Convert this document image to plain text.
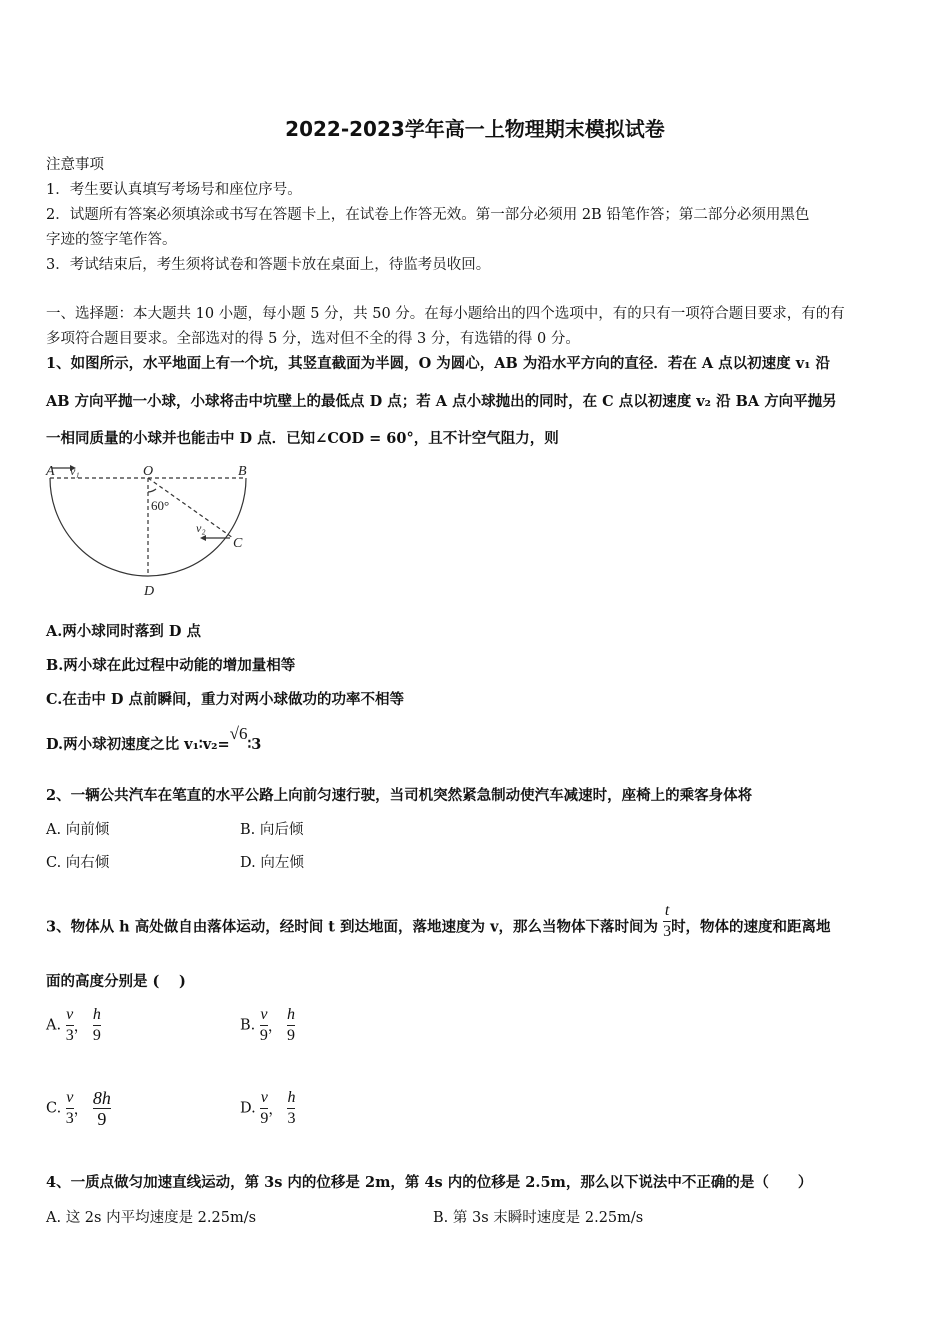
2022-2023学年高一上物理期末模拟试卷
注意事项
1．考生要认真填写考场号和座位序号。
2．试题所有答案必须填涂或书写在答题卡上，在试卷上作答无效。第一部分必须用 2B 铅笔作答；第二部分必须用黑色
字迹的签字笔作答。
3．考试结束后，考生须将试卷和答题卡放在桌面上，待监考员收回。
一、选择题：本大题共 10 小题，每小题 5 分，共 50 分。在每小题给出的四个选项中，有的只有一项符合题目要求，有的有
多项符合题目要求。全部选对的得 5 分，选对但不全的得 3 分，有选错的得 0 分。
1、如图所示，水平地面上有一个坑，其竖直截面为半圆，O 为圆心，AB 为沿水平方向的直径．若在 A 点以初速度 v₁ 沿
AB 方向平抛一小球，小球将击中坑壁上的最低点 D 点；若 A 点小球抛出的同时，在 C 点以初速度 v₂ 沿 BA 方向平抛另
一相同质量的小球并也能击中 D 点．已知∠COD = 60°，且不计空气阻力，则
A v₁	O	B
60°
v₂
C
D
A.两小球同时落到 D 点
B.两小球在此过程中动能的增加量相等
C.在击中 D 点前瞬间，重力对两小球做功的功率不相等
D.两小球初速度之比 v₁∶v₂=√6∶3
2、一辆公共汽车在笔直的水平公路上向前匀速行驶，当司机突然紧急制动使汽车减速时，座椅上的乘客身体将
A. 向前倾	B. 向后倾
C. 向右倾	D. 向左倾
3、物体从 h 高处做自由落体运动，经时间 t 到达地面，落地速度为 v，那么当物体下落时间为 $\frac{t}{3}$ 时，物体的速度和距离地
面的高度分别是 (　 )
A. $\frac{v}{3}$ ， $\frac{h}{9}$	B. $\frac{v}{9}$ ， $\frac{h}{9}$
C. $\frac{v}{3}$ ， $\frac{8h}{9}$	D. $\frac{v}{9}$ ， $\frac{h}{3}$
4、一质点做匀加速直线运动，第 3s 内的位移是 2m，第 4s 内的位移是 2.5m，那么以下说法中不正确的是（　　）
A. 这 2s 内平均速度是 2.25m/s	B. 第 3s 末瞬时速度是 2.25m/s
